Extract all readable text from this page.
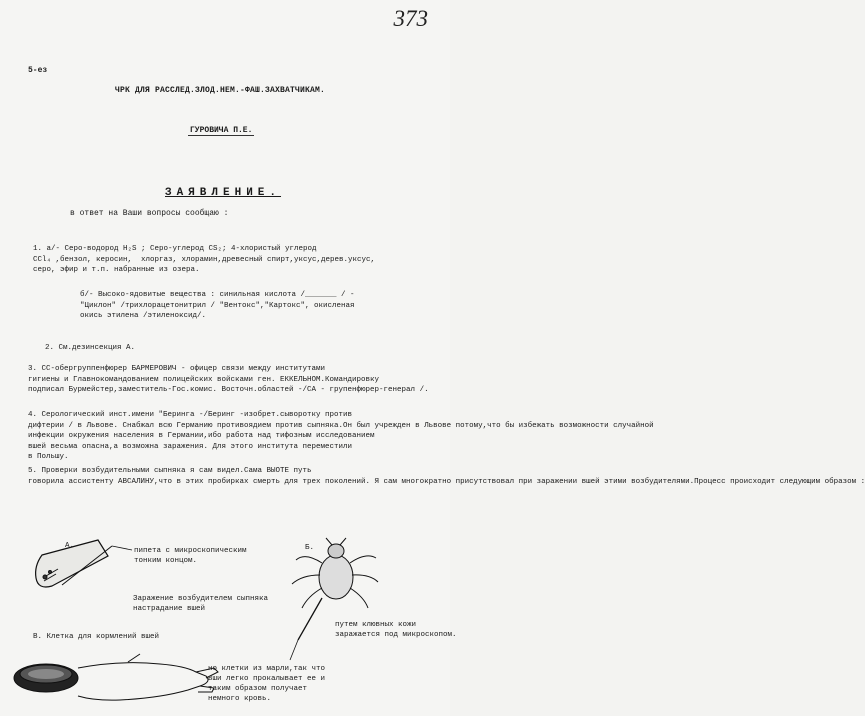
373
5-ез
ЧРК ДЛЯ РАССЛЕД.ЗЛОД.НЕМ.-ФАШ.ЗАХВАТЧИКАМ.
ГУРОВИЧА П.Е.
ЗАЯВЛЕНИЕ.
в ответ на Ваши вопросы сообщаю :
1. а/- Серо-водород H₂S ; Серо-углерод CS₂; 4-хлористый углерод
CCl₄ ,бензол, керосин,  хлоргаз, хлорамин,древесный спирт,уксус,дерев.уксус,
серо, эфир и т.п. набранные из озера.
б/- Высоко-ядовитые вещества : синильная кислота /_______ / -
"Циклон" /трихлорацетонитрил / "Вентокс","Картокс", окисленая
окись этилена /этиленоксид/.
2. См.дезинсекция А.
3. СС-обергруппенфюрер БАРМЕРОВИЧ - офицер связи между институтами
гигиены и Главнокомандованием полицейских войсками ген. ЕККЕЛЬНОМ.Командировку
подписал Бурмейстер,заместитель-Гос.комис. Восточн.областей -/СА - групенфюрер-генерал /.
4. Серологический инст.имени "Беринга -/Беринг -изобрет.сыворотку против
дифтерии / в Львове. Снабжал всю Германию противоядием против сыпняка.Он был учрежден в Львове потому,что бы избежать возможности случайной
инфекции окружения населения в Германии,ибо работа над тифозным исследованием
вшей весьма опасна,а возможна заражения. Для этого института переместили
в Польшу.
5. Проверки возбудительными сыпняка я сам видел.Сама ВЫОТЕ путь
говорила ассистенту АВСАЛИНУ,что в этих пробирках смерть для трех поколений. Я сам многократно присутствовал при заражении вшей этими возбудителями.Процесс происходит следующим образом :
А.	Б.
пипета с микроскопическим
тонким концом.
Заражение возбудителем сыпняка
настрадание вшей
В. Клетка для кормлений вшей
путем клювных кожи
заражается под микроскопом.
но клетки из марли,так что
вши легко прокалывает ее и
таким образом получает
немного кровь.
